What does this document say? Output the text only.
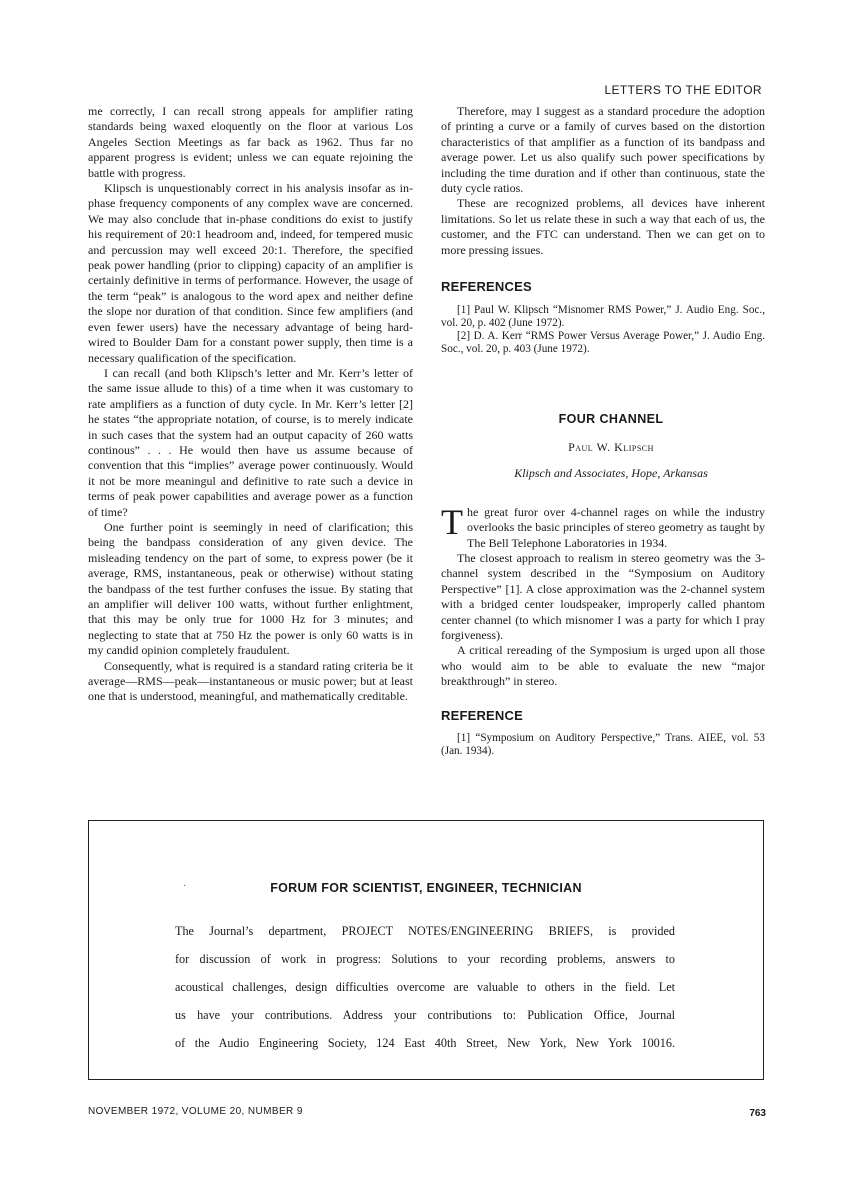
LETTERS TO THE EDITOR

me correctly, I can recall strong appeals for amplifier rating standards being waxed eloquently on the floor at various Los Angeles Section Meetings as far back as 1962. Thus far no apparent progress is evident; unless we can equate rejoining the battle with progress.

Klipsch is unquestionably correct in his analysis insofar as in-phase frequency components of any complex wave are concerned. We may also conclude that in-phase conditions do exist to justify his requirement of 20:1 headroom and, indeed, for tempered music and percussion may well exceed 20:1. Therefore, the specified peak power handling (prior to clipping) capacity of an amplifier is certainly definitive in terms of performance. However, the usage of the term “peak” is analogous to the word apex and neither define the slope nor duration of that condition. Since few amplifiers (and even fewer users) have the necessary advantage of being hard-wired to Boulder Dam for a constant power supply, then time is a necessary qualification of the specification.

I can recall (and both Klipsch’s letter and Mr. Kerr’s letter of the same issue allude to this) of a time when it was customary to rate amplifiers as a function of duty cycle. In Mr. Kerr’s letter [2] he states “the appropriate notation, of course, is to merely indicate in such cases that the system had an output capacity of 260 watts continous” . . . He would then have us assume because of convention that this “implies” average power continuously. Would it not be more meaningul and definitive to rate such a device in terms of peak power capabilities and average power as a function of time?

One further point is seemingly in need of clarification; this being the bandpass consideration of any given device. The misleading tendency on the part of some, to express power (be it average, RMS, instantaneous, peak or otherwise) without stating the bandpass of the test further confuses the issue. By stating that an amplifier will deliver 100 watts, without further enlightment, that this may be only true for 1000 Hz for 3 minutes; and neglecting to state that at 750 Hz the power is only 60 watts is in my candid opinion completely fraudulent.

Consequently, what is required is a standard rating criteria be it average—RMS—peak—instantaneous or music power; but at least one that is understood, meaningful, and mathematically creditable.

Therefore, may I suggest as a standard procedure the adoption of printing a curve or a family of curves based on the distortion characteristics of that amplifier as a function of its bandpass and average power. Let us also qualify such power specifications by including the time duration and if other than continuous, state the duty cycle ratios.

These are recognized problems, all devices have inherent limitations. So let us relate these in such a way that each of us, the customer, and the FTC can understand. Then we can get on to more pressing issues.

REFERENCES

[1] Paul W. Klipsch “Misnomer RMS Power,” J. Audio Eng. Soc., vol. 20, p. 402 (June 1972).

[2] D. A. Kerr “RMS Power Versus Average Power,” J. Audio Eng. Soc., vol. 20, p. 403 (June 1972).

FOUR CHANNEL

Paul W. Klipsch

Klipsch and Associates, Hope, Arkansas

The great furor over 4-channel rages on while the industry overlooks the basic principles of stereo geometry as taught by The Bell Telephone Laboratories in 1934.

The closest approach to realism in stereo geometry was the 3-channel system described in the “Symposium on Auditory Perspective” [1]. A close approximation was the 2-channel system with a bridged center loudspeaker, improperly called phantom center channel (to which misnomer I was a party for which I pray forgiveness).

A critical rereading of the Symposium is urged upon all those who would aim to be able to evaluate the new “major breakthrough” in stereo.

REFERENCE

[1] “Symposium on Auditory Perspective,” Trans. AIEE, vol. 53 (Jan. 1934).

FORUM FOR SCIENTIST, ENGINEER, TECHNICIAN
The Journal’s department, PROJECT NOTES/ENGINEERING BRIEFS, is provided
for discussion of work in progress: Solutions to your recording problems, answers to
acoustical challenges, design difficulties overcome are valuable to others in the field. Let
us have your contributions. Address your contributions to: Publication Office, Journal
of the Audio Engineering Society, 124 East 40th Street, New York, New York 10016.
·
NOVEMBER 1972, VOLUME 20, NUMBER 9	763
